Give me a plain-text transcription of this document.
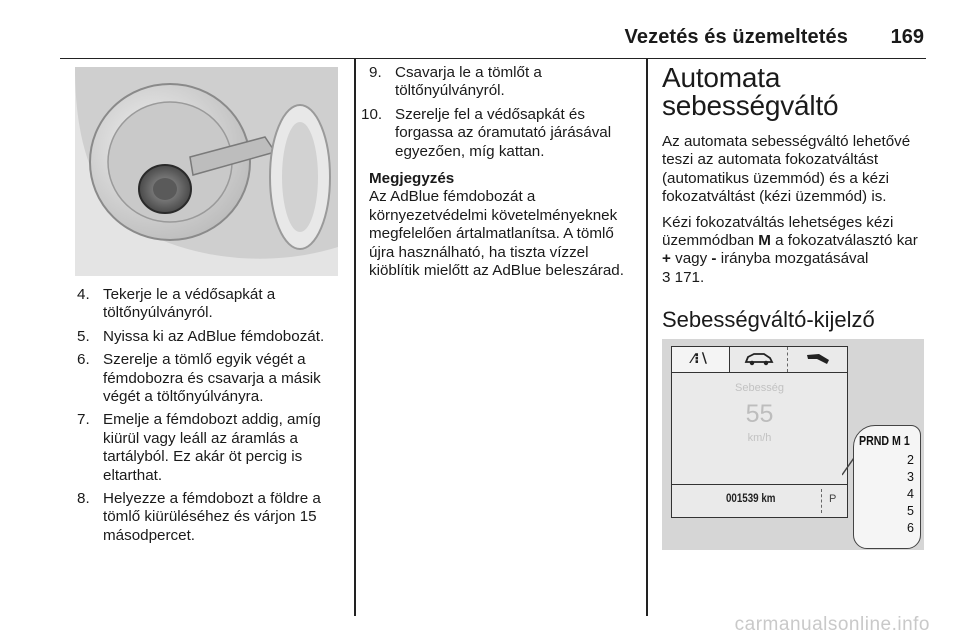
Vezetés és üzemeltetés 169
4. Tekerje le a védősapkát a töltőnyúlványról.
5. Nyissa ki az AdBlue fémdobozát.
6. Szerelje a tömlő egyik végét a fémdobozra és csavarja a másik végét a töltőnyúlványra.
7. Emelje a fémdobozt addig, amíg kiürül vagy leáll az áramlás a tartályból. Ez akár öt percig is eltarthat.
8. Helyezze a fémdobozt a földre a tömlő kiürüléséhez és várjon 15 másodpercet.
9. Csavarja le a tömlőt a töltőnyúlványról.
10. Szerelje fel a védősapkát és forgassa az óramutató járásával egyezően, míg kattan.
Megjegyzés
Az AdBlue fémdobozát a környezetvédelmi követelményeknek megfelelően ártalmatlanítsa. A tömlő újra használható, ha tiszta vízzel kiöblítik mielőtt az AdBlue beleszárad.
Automata
sebességváltó

Az automata sebességváltó lehetővé teszi az automata fokozatváltást (automatikus üzemmód) és a kézi fokozatváltást (kézi üzemmód) is.

Kézi fokozatváltás lehetséges kézi üzemmódban M a fokozatválasztó kar + vagy - irányba mozgatásával
3 171.

Sebességváltó-kijelző
∕⁝∖
Sebesség
55
km/h
001539 km	P
PRND M 1
2
3
4
5
6
carmanualsonline.info
